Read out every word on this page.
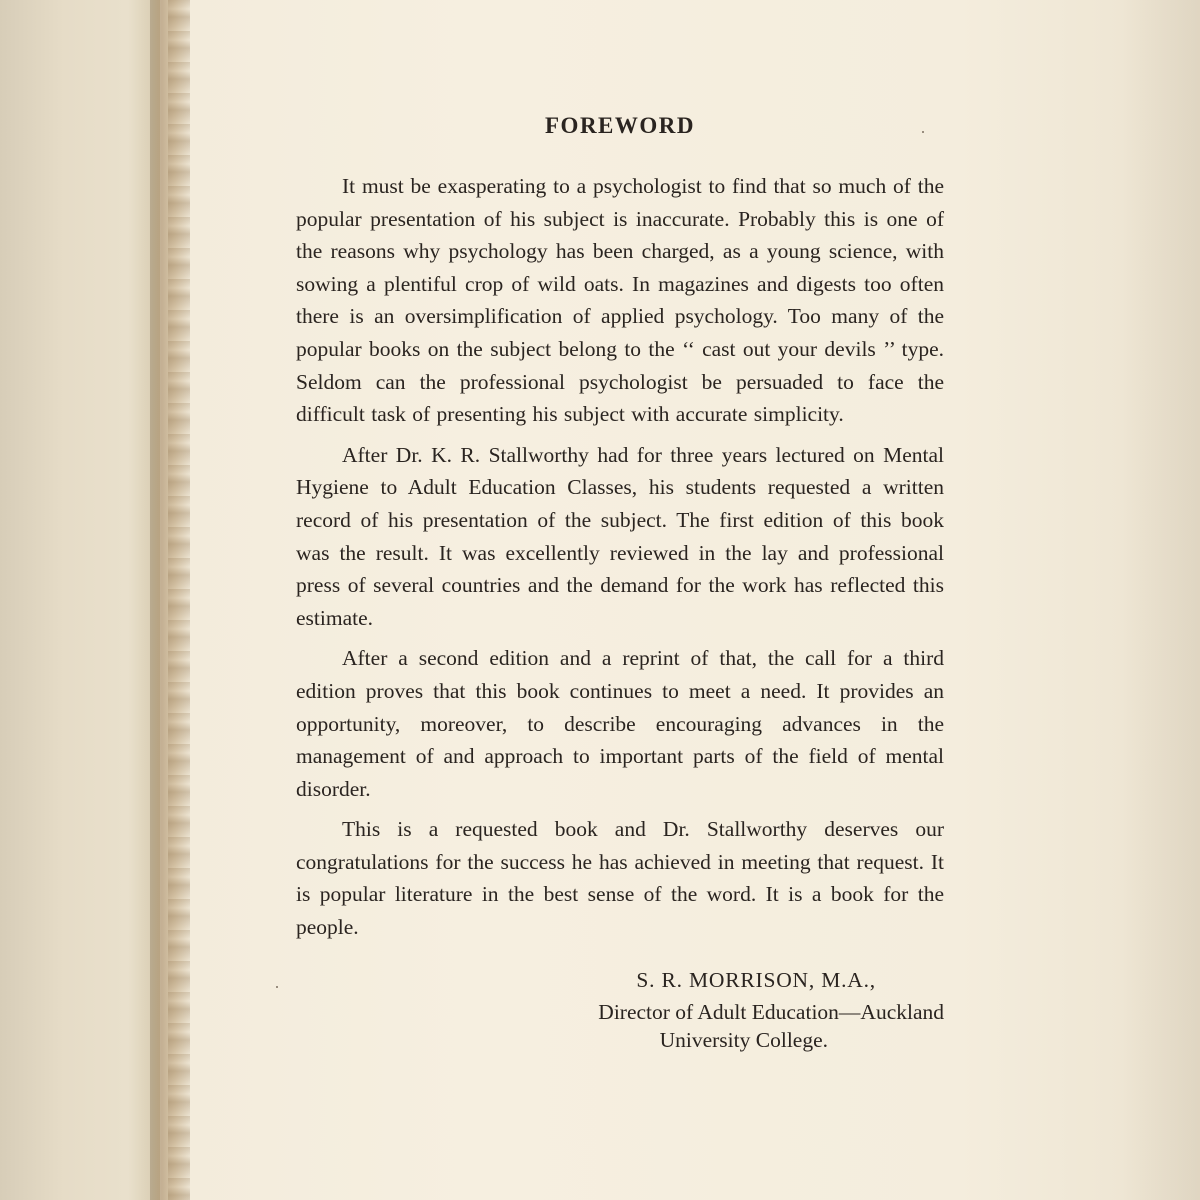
FOREWORD

It must be exasperating to a psychologist to find that so much of the popular presentation of his subject is inaccurate. Probably this is one of the reasons why psychology has been charged, as a young science, with sowing a plentiful crop of wild oats. In magazines and digests too often there is an oversimplification of applied psychology. Too many of the popular books on the subject belong to the ‘‘ cast out your devils ’’ type. Seldom can the professional psychologist be persuaded to face the difficult task of presenting his subject with accurate simplicity.

After Dr. K. R. Stallworthy had for three years lectured on Mental Hygiene to Adult Education Classes, his students requested a written record of his presentation of the subject. The first edition of this book was the result. It was excellently reviewed in the lay and professional press of several countries and the demand for the work has reflected this estimate.

After a second edition and a reprint of that, the call for a third edition proves that this book continues to meet a need. It provides an opportunity, moreover, to describe encouraging advances in the management of and approach to important parts of the field of mental disorder.

This is a requested book and Dr. Stallworthy deserves our congratulations for the success he has achieved in meeting that request. It is popular literature in the best sense of the word. It is a book for the people.

S. R. MORRISON, M.A.,
Director of Adult Education—Auckland
University College.
